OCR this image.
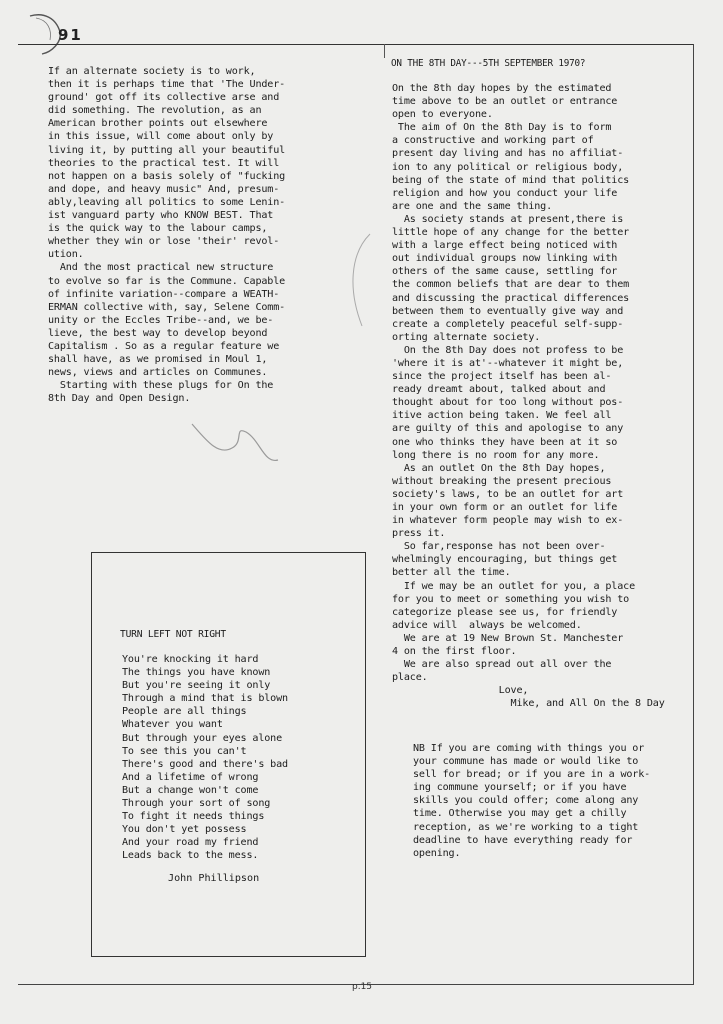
91
If an alternate society is to work,
then it is perhaps time that 'The Under-
ground' got off its collective arse and
did something. The revolution, as an
American brother points out elsewhere
in this issue, will come about only by
living it, by putting all your beautiful
theories to the practical test. It will
not happen on a basis solely of "fucking
and dope, and heavy music" And, presum-
ably,leaving all politics to some Lenin-
ist vanguard party who KNOW BEST. That
is the quick way to the labour camps,
whether they win or lose 'their' revol-
ution.
And the most practical new structure
to evolve so far is the Commune. Capable
of infinite variation--compare a WEATH-
ERMAN collective with, say, Selene Comm-
unity or the Eccles Tribe--and, we be-
lieve, the best way to develop beyond
Capitalism . So as a regular feature we
shall have, as we promised in Moul 1,
news, views and articles on Communes.
Starting with these plugs for On the
8th Day and Open Design.
ON THE 8TH DAY---5TH SEPTEMBER 1970?
On the 8th day hopes by the estimated
time above to be an outlet or entrance
open to everyone.
The aim of On the 8th Day is to form
a constructive and working part of
present day living and has no affiliat-
ion to any political or religious body,
being of the state of mind that politics
religion and how you conduct your life
are one and the same thing.
As society stands at present,there is
little hope of any change for the better
with a large effect being noticed with
out individual groups now linking with
others of the same cause, settling for
the common beliefs that are dear to them
and discussing the practical differences
between them to eventually give way and
create a completely peaceful self-supp-
orting alternate society.
On the 8th Day does not profess to be
'where it is at'--whatever it might be,
since the project itself has been al-
ready dreamt about, talked about and
thought about for too long without pos-
itive action being taken. We feel all
are guilty of this and apologise to any
one who thinks they have been at it so
long there is no room for any more.
As an outlet On the 8th Day hopes,
without breaking the present precious
society's laws, to be an outlet for art
in your own form or an outlet for life
in whatever form people may wish to ex-
press it.
So far,response has not been over-
whelmingly encouraging, but things get
better all the time.
If we may be an outlet for you, a place
for you to meet or something you wish to
categorize please see us, for friendly
advice will  always be welcomed.
We are at 19 New Brown St. Manchester
4 on the first floor.
We are also spread out all over the
place.
Love,
Mike, and All On the 8 Day
NB If you are coming with things you or
your commune has made or would like to
sell for bread; or if you are in a work-
ing commune yourself; or if you have
skills you could offer; come along any
time. Otherwise you may get a chilly
reception, as we're working to a tight
deadline to have everything ready for
opening.
TURN LEFT NOT RIGHT
You're knocking it hard
The things you have known
But you're seeing it only
Through a mind that is blown
People are all things
Whatever you want
But through your eyes alone
To see this you can't
There's good and there's bad
And a lifetime of wrong
But a change won't come
Through your sort of song
To fight it needs things
You don't yet possess
And your road my friend
Leads back to the mess.
John Phillipson
p.15
